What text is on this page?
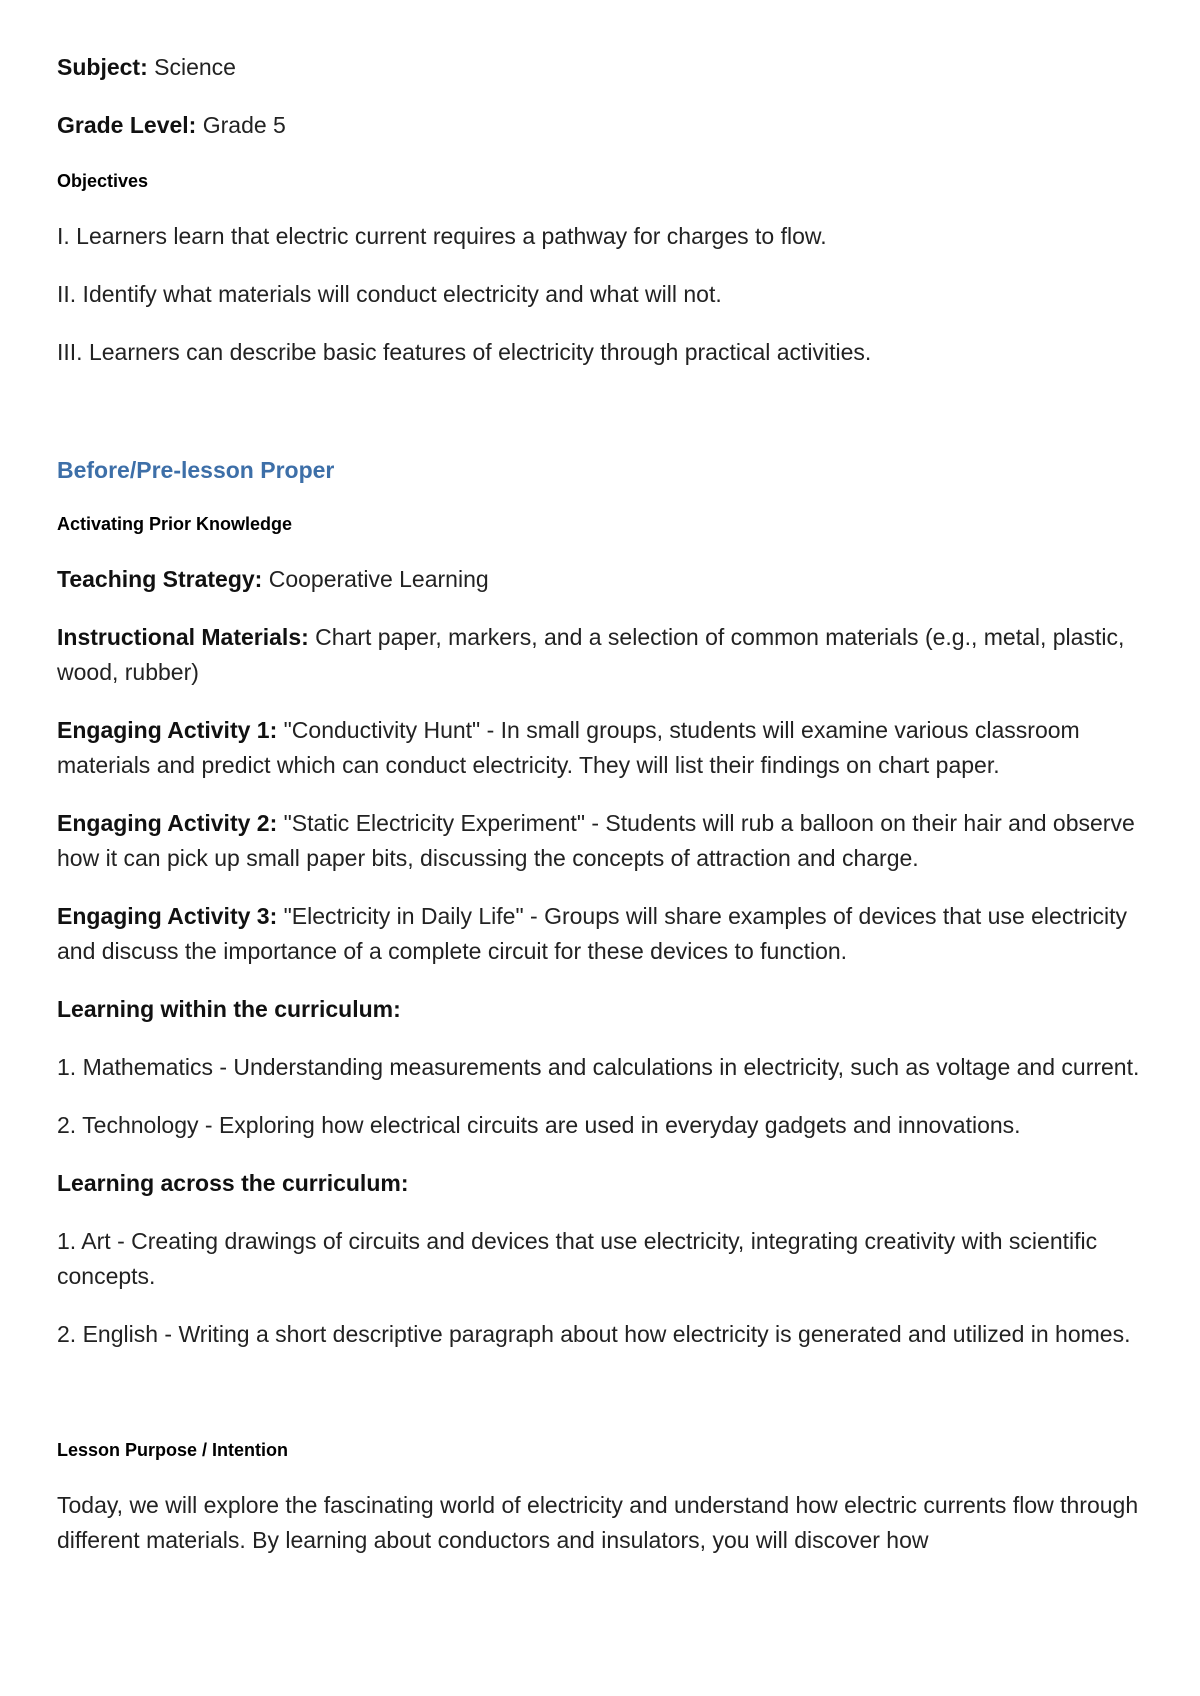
Subject: Science

Grade Level: Grade 5

Objectives

I. Learners learn that electric current requires a pathway for charges to flow.

II. Identify what materials will conduct electricity and what will not.

III. Learners can describe basic features of electricity through practical activities.

Before/Pre-lesson Proper

Activating Prior Knowledge

Teaching Strategy: Cooperative Learning

Instructional Materials: Chart paper, markers, and a selection of common materials (e.g., metal, plastic, wood, rubber)

Engaging Activity 1: "Conductivity Hunt" - In small groups, students will examine various classroom materials and predict which can conduct electricity. They will list their findings on chart paper.

Engaging Activity 2: "Static Electricity Experiment" - Students will rub a balloon on their hair and observe how it can pick up small paper bits, discussing the concepts of attraction and charge.

Engaging Activity 3: "Electricity in Daily Life" - Groups will share examples of devices that use electricity and discuss the importance of a complete circuit for these devices to function.

Learning within the curriculum:

1. Mathematics - Understanding measurements and calculations in electricity, such as voltage and current.

2. Technology - Exploring how electrical circuits are used in everyday gadgets and innovations.

Learning across the curriculum:

1. Art - Creating drawings of circuits and devices that use electricity, integrating creativity with scientific concepts.

2. English - Writing a short descriptive paragraph about how electricity is generated and utilized in homes.

Lesson Purpose / Intention

Today, we will explore the fascinating world of electricity and understand how electric currents flow through different materials. By learning about conductors and insulators, you will discover how
